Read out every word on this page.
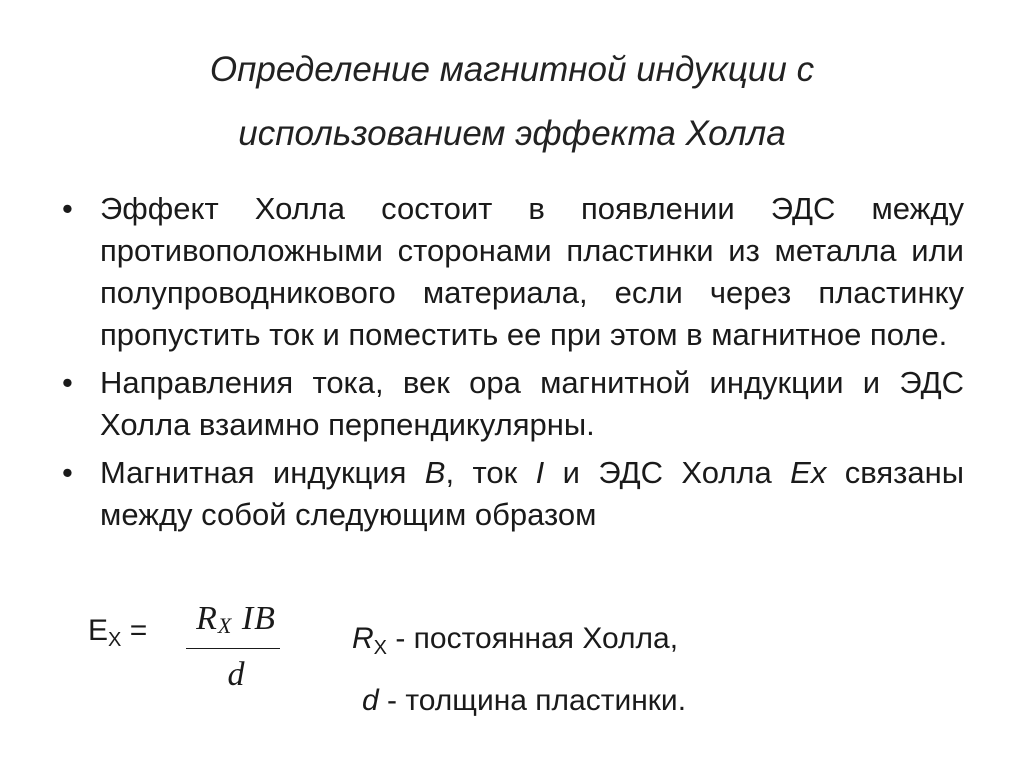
Определение магнитной индукции с
использованием эффекта Холла
• Эффект Холла состоит в появлении ЭДС между противоположными сторонами пластинки из металла или полупроводникового материала, если через пластинку пропустить ток и поместить ее при этом в магнитное поле.
• Направления тока, век ора магнитной индукции и ЭДС Холла взаимно перпендикулярны.
• Магнитная индукция B, ток I и ЭДС Холла Ex связаны между собой следующим образом
$E_X = R_X$ IB
d
$R_X$ - постоянная Холла,
d - толщина пластинки.
